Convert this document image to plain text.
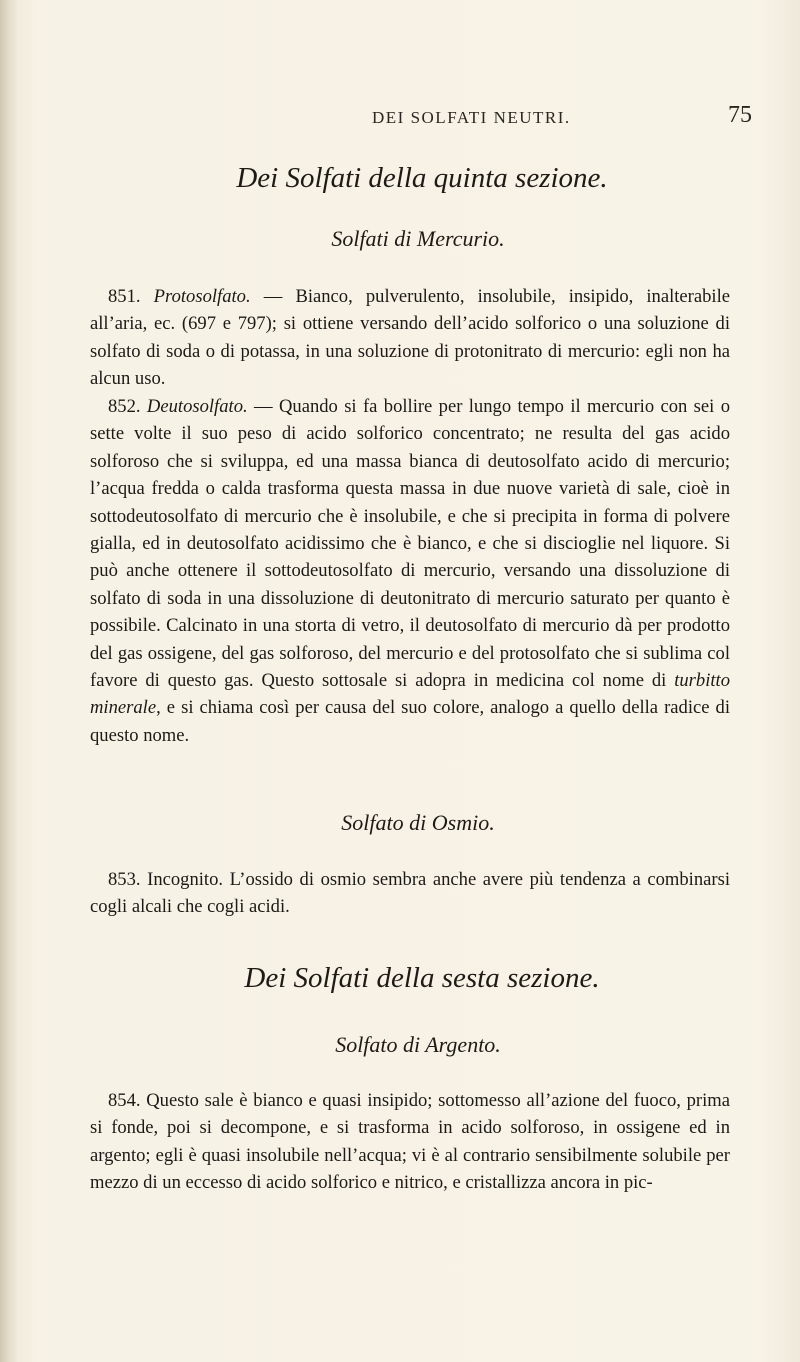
DEI SOLFATI NEUTRI.	75
Dei Solfati della quinta sezione.
Solfati di Mercurio.

851. Protosolfato. — Bianco, pulverulento, insolubile, insipido, inalterabile all’aria, ec. (697 e 797); si ottiene versando dell’acido solforico o una soluzione di solfato di soda o di potassa, in una soluzione di protonitrato di mercurio: egli non ha alcun uso.

852. Deutosolfato. — Quando si fa bollire per lungo tempo il mercurio con sei o sette volte il suo peso di acido solforico concentrato; ne resulta del gas acido solforoso che si sviluppa, ed una massa bianca di deutosolfato acido di mercurio; l’acqua fredda o calda trasforma questa massa in due nuove varietà di sale, cioè in sottodeutosolfato di mercurio che è insolubile, e che si precipita in forma di polvere gialla, ed in deutosolfato acidissimo che è bianco, e che si discioglie nel liquore. Si può anche ottenere il sottodeutosolfato di mercurio, versando una dissoluzione di solfato di soda in una dissoluzione di deutonitrato di mercurio saturato per quanto è possibile. Calcinato in una storta di vetro, il deutosolfato di mercurio dà per prodotto del gas ossigene, del gas solforoso, del mercurio e del protosolfato che si sublima col favore di questo gas. Questo sottosale si adopra in medicina col nome di turbitto minerale, e si chiama così per causa del suo colore, analogo a quello della radice di questo nome.

Solfato di Osmio.

853. Incognito. L’ossido di osmio sembra anche avere più tendenza a combinarsi cogli alcali che cogli acidi.

Dei Solfati della sesta sezione.
Solfato di Argento.

854. Questo sale è bianco e quasi insipido; sottomesso all’azione del fuoco, prima si fonde, poi si decompone, e si trasforma in acido solforoso, in ossigene ed in argento; egli è quasi insolubile nell’acqua; vi è al contrario sensibilmente solubile per mezzo di un eccesso di acido solforico e nitrico, e cristallizza ancora in pic-
